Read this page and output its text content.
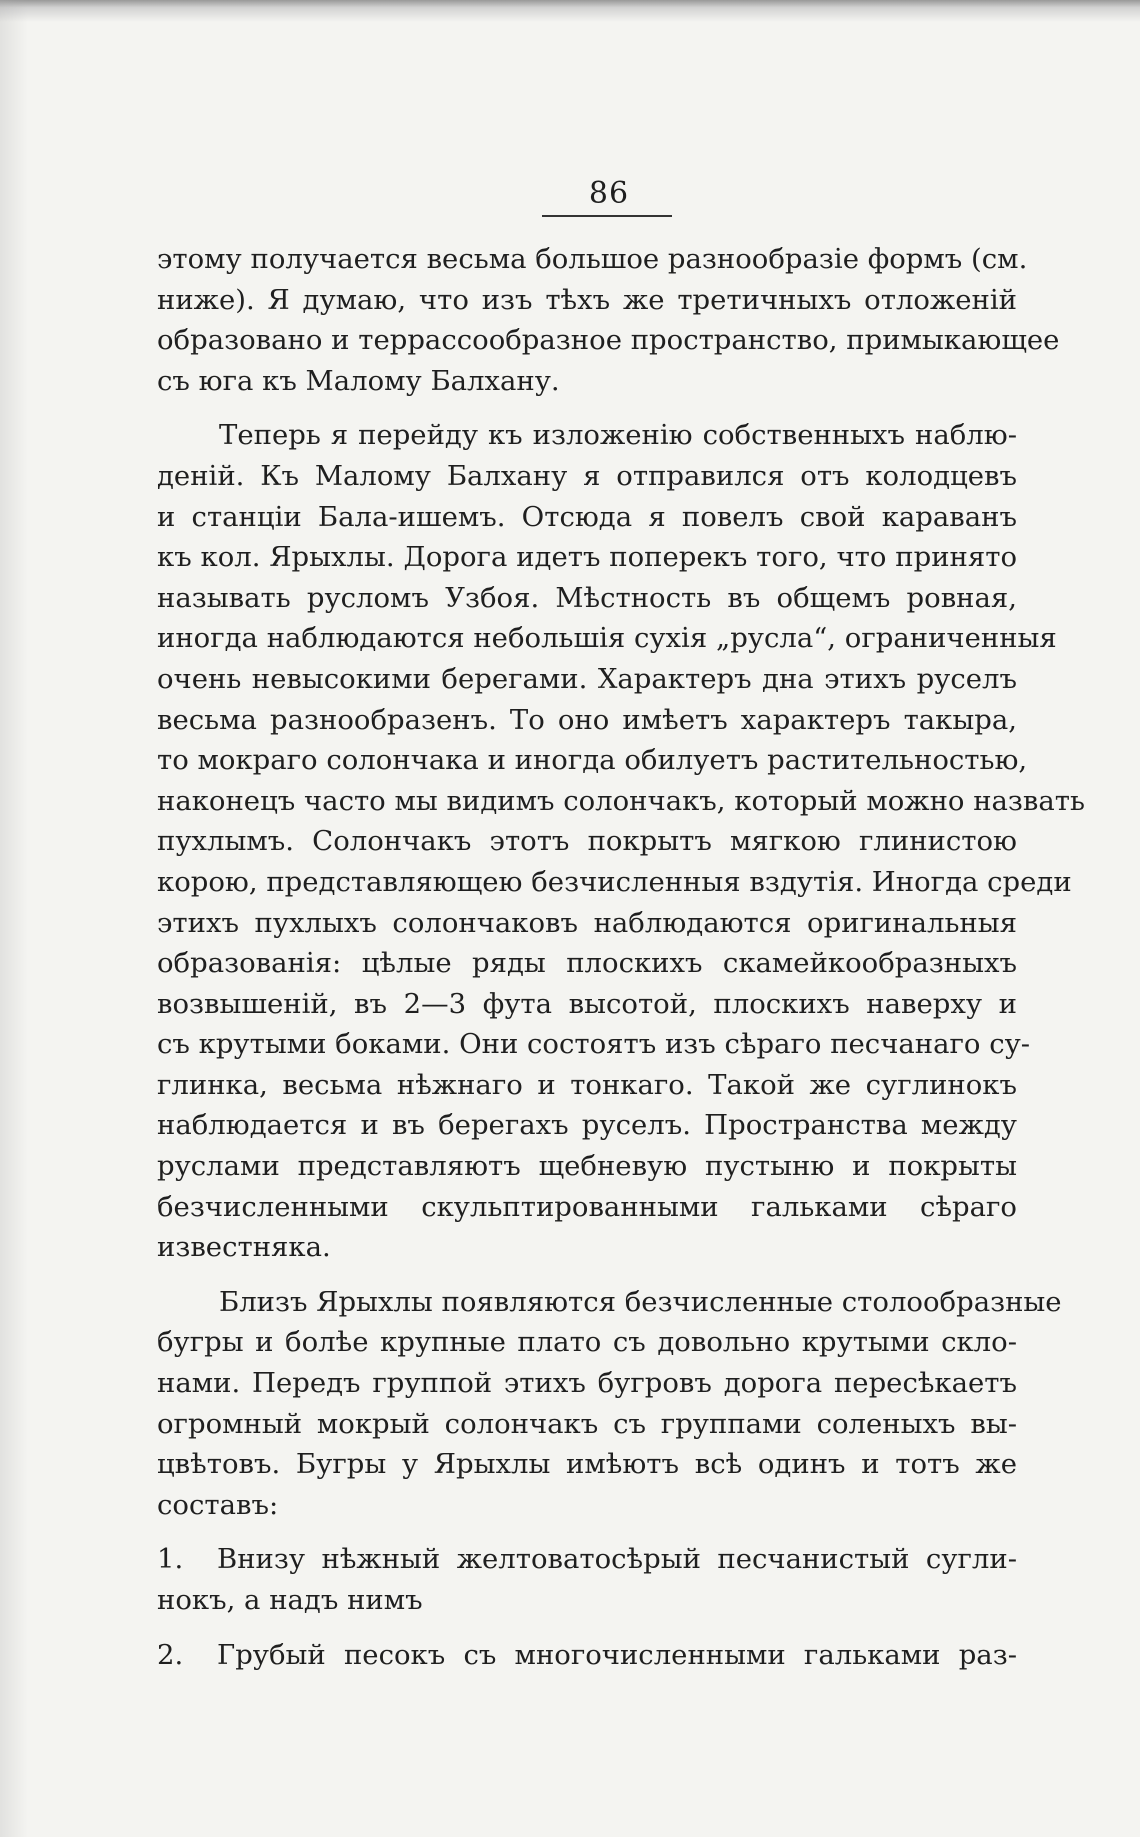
86
этому получается весьма большое разнообразіе формъ (см.
ниже). Я думаю, что изъ тѣхъ же третичныхъ отложеній
образовано и террассообразное пространство, примыкающее
съ юга къ Малому Балхану.
Теперь я перейду къ изложенію собственныхъ наблю-
деній. Къ Малому Балхану я отправился отъ колодцевъ
и станціи Бала-ишемъ. Отсюда я повелъ свой караванъ
къ кол. Ярыхлы. Дорога идетъ поперекъ того, что принято
называть русломъ Узбоя. Мѣстность въ общемъ ровная,
иногда наблюдаются небольшія сухія „русла“, ограниченныя
очень невысокими берегами. Характеръ дна этихъ руселъ
весьма разнообразенъ. То оно имѣетъ характеръ такыра,
то мокраго солончака и иногда обилуетъ растительностью,
наконецъ часто мы видимъ солончакъ, который можно назвать
пухлымъ. Солончакъ этотъ покрытъ мягкою глинистою
корою, представляющею безчисленныя вздутія. Иногда среди
этихъ пухлыхъ солончаковъ наблюдаются оригинальныя
образованія: цѣлые ряды плоскихъ скамейкообразныхъ
возвышеній, въ 2—3 фута высотой, плоскихъ наверху и
съ крутыми боками. Они состоятъ изъ сѣраго песчанаго су-
глинка, весьма нѣжнаго и тонкаго. Такой же суглинокъ
наблюдается и въ берегахъ руселъ. Пространства между
руслами представляютъ щебневую пустыню и покрыты
безчисленными скульптированными гальками сѣраго
известняка.
Близъ Ярыхлы появляются безчисленные столообразные
бугры и болѣе крупные плато съ довольно крутыми скло-
нами. Передъ группой этихъ бугровъ дорога пересѣкаетъ
огромный мокрый солончакъ съ группами соленыхъ вы-
цвѣтовъ. Бугры у Ярыхлы имѣютъ всѣ одинъ и тотъ же
составъ:
1. Внизу нѣжный желтоватосѣрый песчанистый сугли-
нокъ, а надъ нимъ
2. Грубый песокъ съ многочисленными гальками раз-
